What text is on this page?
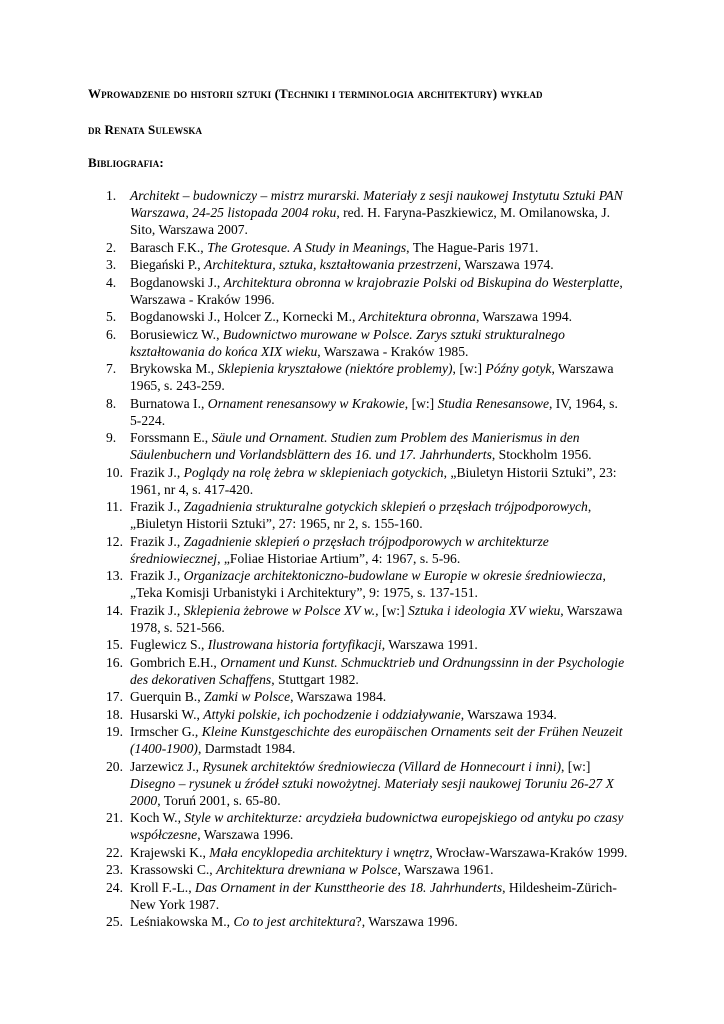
Wprowadzenie do historii sztuki (Techniki i terminologia architektury) wykład
dr Renata Sulewska
Bibliografia:
1.	Architekt – budowniczy – mistrz murarski. Materiały z sesji naukowej Instytutu Sztuki PAN Warszawa, 24-25 listopada 2004 roku, red. H. Faryna-Paszkiewicz, M. Omilanowska, J. Sito, Warszawa 2007.
2.	Barasch F.K., The Grotesque. A Study in Meanings, The Hague-Paris 1971.
3.	Biegański P., Architektura, sztuka, kształtowania przestrzeni, Warszawa 1974.
4.	Bogdanowski J., Architektura obronna w krajobrazie Polski od Biskupina do Westerplatte, Warszawa - Kraków 1996.
5.	Bogdanowski J., Holcer Z., Kornecki M., Architektura obronna, Warszawa 1994.
6.	Borusiewicz W., Budownictwo murowane w Polsce. Zarys sztuki strukturalnego kształtowania do końca XIX wieku, Warszawa - Kraków 1985.
7.	Brykowska M., Sklepienia kryształowe (niektóre problemy), [w:] Późny gotyk, Warszawa 1965, s. 243-259.
8.	Burnatowa I., Ornament renesansowy w Krakowie, [w:] Studia Renesansowe, IV, 1964, s. 5-224.
9.	Forssmann E., Säule und Ornament. Studien zum Problem des Manierismus in den Säulenbuchern und Vorlandsblättern des 16. und 17. Jahrhunderts, Stockholm 1956.
10. Frazik J., Poglądy na rolę żebra w sklepieniach gotyckich, „Biuletyn Historii Sztuki”, 23: 1961, nr 4, s. 417-420.
11. Frazik J., Zagadnienia strukturalne gotyckich sklepień o przęsłach trójpodporowych, „Biuletyn Historii Sztuki”, 27: 1965, nr 2, s. 155-160.
12. Frazik J., Zagadnienie sklepień o przęsłach trójpodporowych w architekturze średniowiecznej, „Foliae Historiae Artium”, 4: 1967, s. 5-96.
13. Frazik J., Organizacje architektoniczno-budowlane w Europie w okresie średniowiecza, „Teka Komisji Urbanistyki i Architektury”, 9: 1975, s. 137-151.
14. Frazik J., Sklepienia żebrowe w Polsce XV w., [w:] Sztuka i ideologia XV wieku, Warszawa 1978, s. 521-566.
15. Fuglewicz S., Ilustrowana historia fortyfikacji, Warszawa 1991.
16. Gombrich E.H., Ornament und Kunst. Schmucktrieb und Ordnungssinn in der Psychologie des dekorativen Schaffens, Stuttgart 1982.
17. Guerquin B., Zamki w Polsce, Warszawa 1984.
18. Husarski W., Attyki polskie, ich pochodzenie i oddziaływanie, Warszawa 1934.
19. Irmscher G., Kleine Kunstgeschichte des europäischen Ornaments seit der Frühen Neuzeit (1400-1900), Darmstadt 1984.
20. Jarzewicz J., Rysunek architektów średniowiecza (Villard de Honnecourt i inni), [w:] Disegno – rysunek u źródeł sztuki nowożytnej. Materiały sesji naukowej Toruniu 26-27 X 2000, Toruń 2001, s. 65-80.
21. Koch W., Style w architekturze: arcydzieła budownictwa europejskiego od antyku po czasy współczesne, Warszawa 1996.
22. Krajewski K., Mała encyklopedia architektury i wnętrz, Wrocław-Warszawa-Kraków 1999.
23. Krassowski C., Architektura drewniana w Polsce, Warszawa 1961.
24. Kroll F.-L., Das Ornament in der Kunsttheorie des 18. Jahrhunderts, Hildesheim-Zürich-New York 1987.
25. Leśniakowska M., Co to jest architektura?, Warszawa 1996.
